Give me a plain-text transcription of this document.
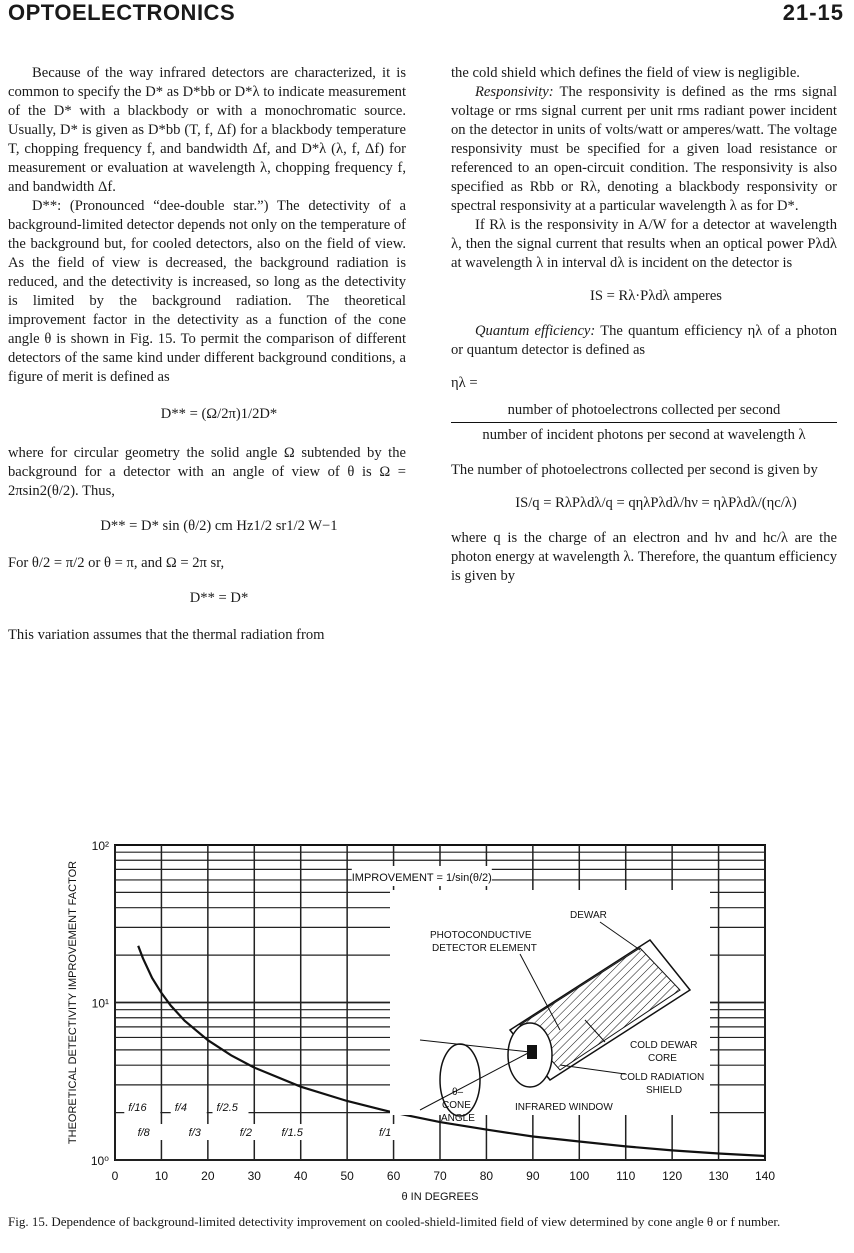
OPTOELECTRONICS	21-15

Because of the way infrared detectors are characterized, it is common to specify the D* as D*bb or D*λ to indicate measurement of the D* with a blackbody or with a monochromatic source. Usually, D* is given as D*bb (T, f, Δf) for a blackbody temperature T, chopping frequency f, and bandwidth Δf, and D*λ (λ, f, Δf) for measurement or evaluation at wavelength λ, chopping frequency f, and bandwidth Δf.

D**: (Pronounced “dee-double star.”) The detectivity of a background-limited detector depends not only on the temperature of the background but, for cooled detectors, also on the field of view. As the field of view is decreased, the background radiation is reduced, and the detectivity is increased, so long as the detectivity is limited by the background radiation. The theoretical improvement factor in the detectivity as a function of the cone angle θ is shown in Fig. 15. To permit the comparison of different detectors of the same kind under different background conditions, a figure of merit is defined as

D** = (Ω/2π)1/2D*

where for circular geometry the solid angle Ω subtended by the background for a detector with an angle of view of θ is Ω = 2πsin2(θ/2). Thus,

D** = D* sin (θ/2) cm Hz1/2 sr1/2 W−1

For θ/2 = π/2 or θ = π, and Ω = 2π sr,

D** = D*

This variation assumes that the thermal radiation from

the cold shield which defines the field of view is negligible.

Responsivity: The responsivity is defined as the rms signal voltage or rms signal current per unit rms radiant power incident on the detector in units of volts/watt or amperes/watt. The voltage responsivity must be specified for a given load resistance or referenced to an open-circuit condition. The responsivity is also specified as Rbb or Rλ, denoting a blackbody responsivity or spectral responsivity at a particular wavelength λ as for D*.

If Rλ is the responsivity in A/W for a detector at wavelength λ, then the signal current that results when an optical power Pλdλ at wavelength λ in interval dλ is incident on the detector is

IS = Rλ·Pλdλ amperes

Quantum efficiency: The quantum efficiency ηλ of a photon or quantum detector is defined as

ηλ =

number of photoelectrons collected per second
number of incident photons per second at wavelength λ

The number of photoelectrons collected per second is given by

IS/q = RλPλdλ/q = qηλPλdλ/hν = ηλPλdλ/(ηc/λ)

where q is the charge of an electron and hν and hc/λ are the photon energy at wavelength λ. Therefore, the quantum efficiency is given by

0	10	20	30	40	50	60	70	80	90 100 110 120 130 140
10⁰
10¹
10²
θ IN DEGREES
THEORETICAL DETECTIVITY IMPROVEMENT FACTOR	IMPROVEMENT = 1/sin(θ/2)
f/16	f/4	f/2.5
f/8	f/3	f/2	f/1.5	f/1
DEWAR
PHOTOCONDUCTIVE
DETECTOR ELEMENT
COLD DEWAR
CORE
COLD RADIATION
SHIELD
INFRARED WINDOW
θ–
CONE
ANGLE
Fig. 15. Dependence of background-limited detectivity improvement on cooled-shield-limited field of view determined by cone angle θ or f number.
